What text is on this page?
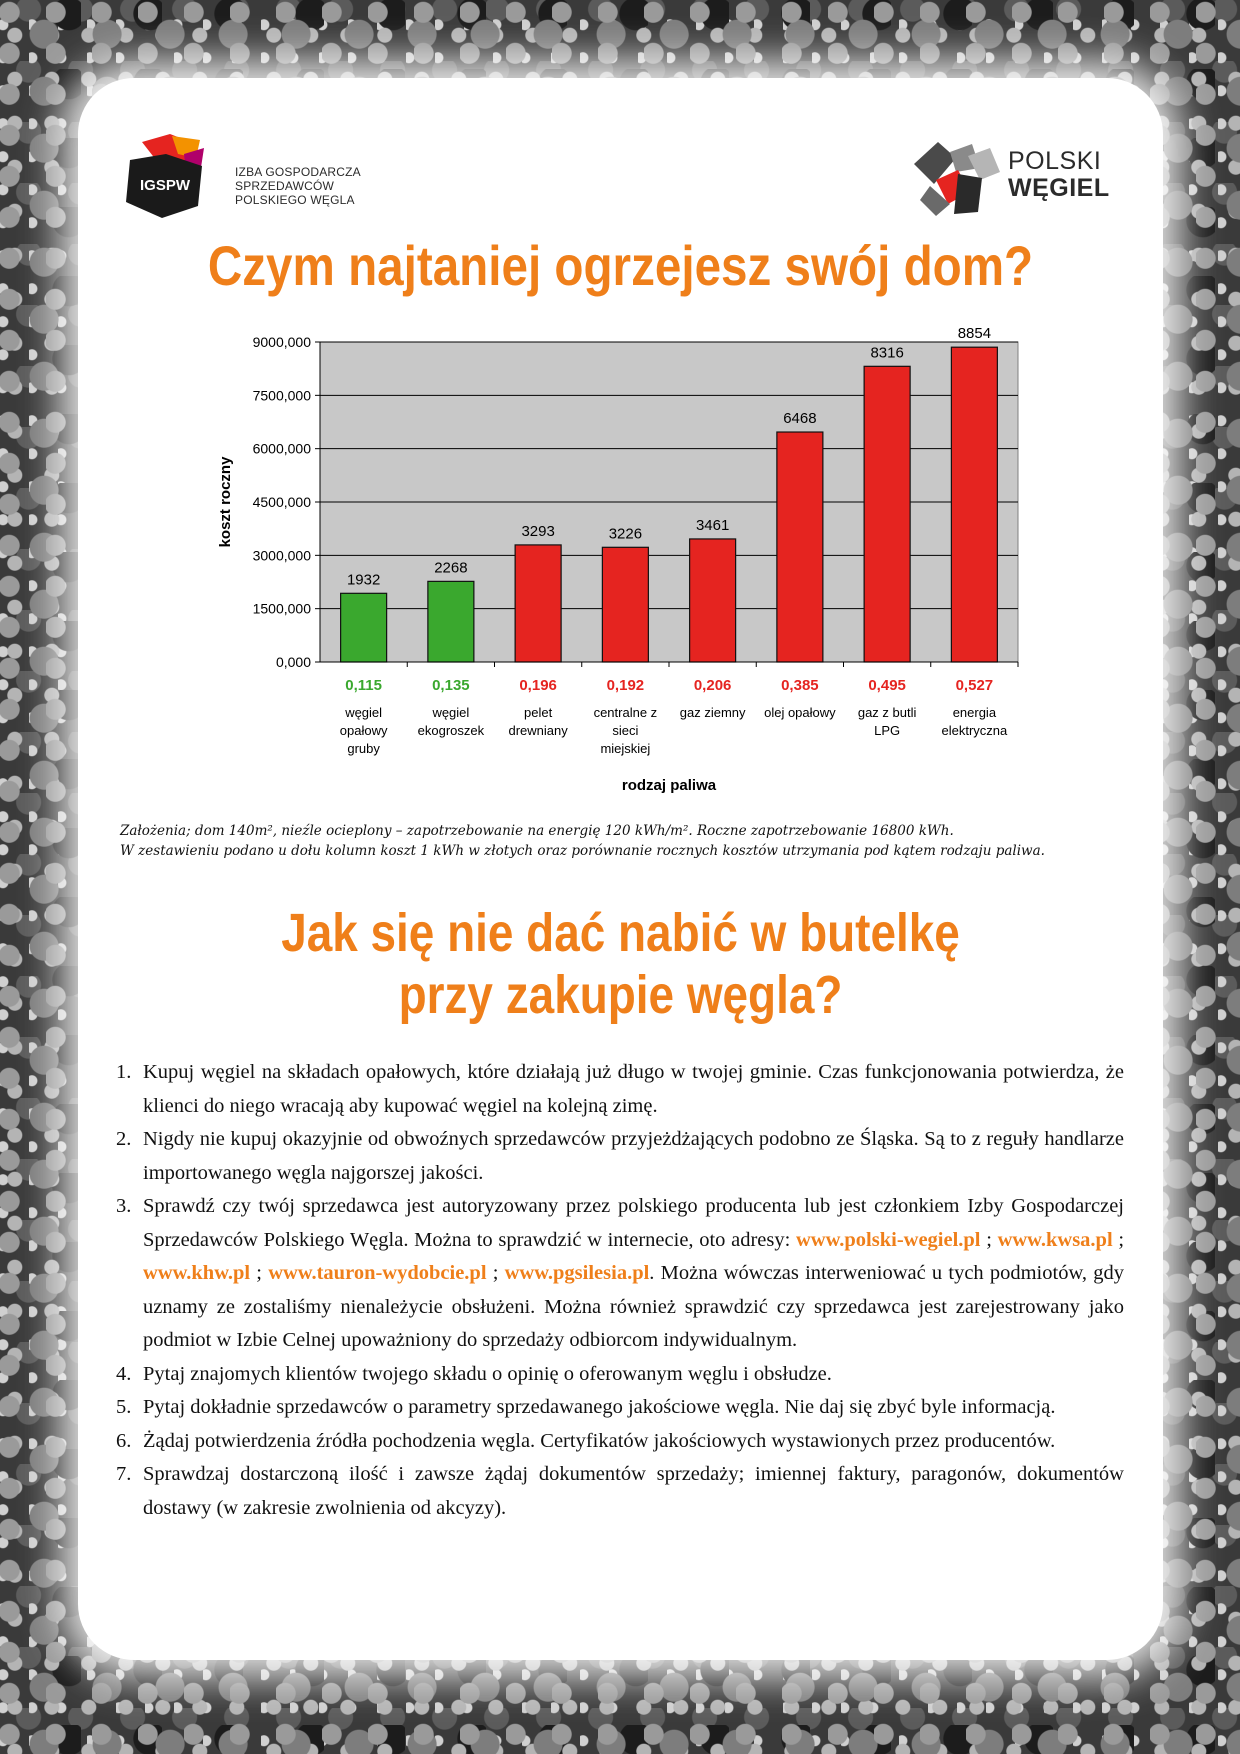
IGSPW
IZBA GOSPODARCZA
SPRZEDAWCÓW
POLSKIEGO WĘGLA
POLSKI
WĘGIEL
Czym najtaniej ogrzejesz swój dom?
0,000
1500,000
3000,000
4500,000
6000,000
7500,000
9000,000
1932
0,115
węgiel
opałowy
gruby
2268
0,135
węgiel
ekogroszek
3293
0,196
pelet
drewniany
3226
0,192
centralne z
sieci
miejskiej
3461
0,206
gaz ziemny
6468
0,385
olej opałowy
8316
0,495
gaz z butli
LPG
8854
0,527
energia
elektryczna
rodzaj paliwa
koszt roczny
Założenia; dom 140m², nieźle ocieplony – zapotrzebowanie na energię 120 kWh/m². Roczne zapotrzebowanie 16800 kWh.
W zestawieniu podano u dołu kolumn koszt 1 kWh w złotych oraz porównanie rocznych kosztów utrzymania pod kątem rodzaju paliwa.
Jak się nie dać nabić w butelkę
przy zakupie węgla?
1. Kupuj węgiel na składach opałowych, które działają już długo w twojej gminie. Czas funkcjonowania potwierdza, że klienci do niego wracają aby kupować węgiel na kolejną zimę.
2. Nigdy nie kupuj okazyjnie od obwoźnych sprzedawców przyjeżdżających podobno ze Śląska. Są to z reguły handlarze importowanego węgla najgorszej jakości.
3. Sprawdź czy twój sprzedawca jest autoryzowany przez polskiego producenta lub jest członkiem Izby Gospodarczej Sprzedawców Polskiego Węgla. Można to sprawdzić w internecie, oto adresy: www.polski-wegiel.pl ; www.kwsa.pl ; www.khw.pl ; www.tauron-wydobcie.pl ; www.pgsilesia.pl. Można wówczas interweniować u tych podmiotów, gdy uznamy ze zostaliśmy nienależycie obsłużeni. Można również sprawdzić czy sprzedawca jest zarejestrowany jako podmiot w Izbie Celnej upoważniony do sprzedaży odbiorcom indywidualnym.
4. Pytaj znajomych klientów twojego składu o opinię o oferowanym węglu i obsłudze.
5. Pytaj dokładnie sprzedawców o parametry sprzedawanego jakościowe węgla. Nie daj się zbyć byle informacją.
6. Żądaj potwierdzenia źródła pochodzenia węgla. Certyfikatów jakościowych wystawionych przez producentów.
7. Sprawdzaj dostarczoną ilość i zawsze żądaj dokumentów sprzedaży; imiennej faktury, paragonów, dokumentów dostawy (w zakresie zwolnienia od akcyzy).
